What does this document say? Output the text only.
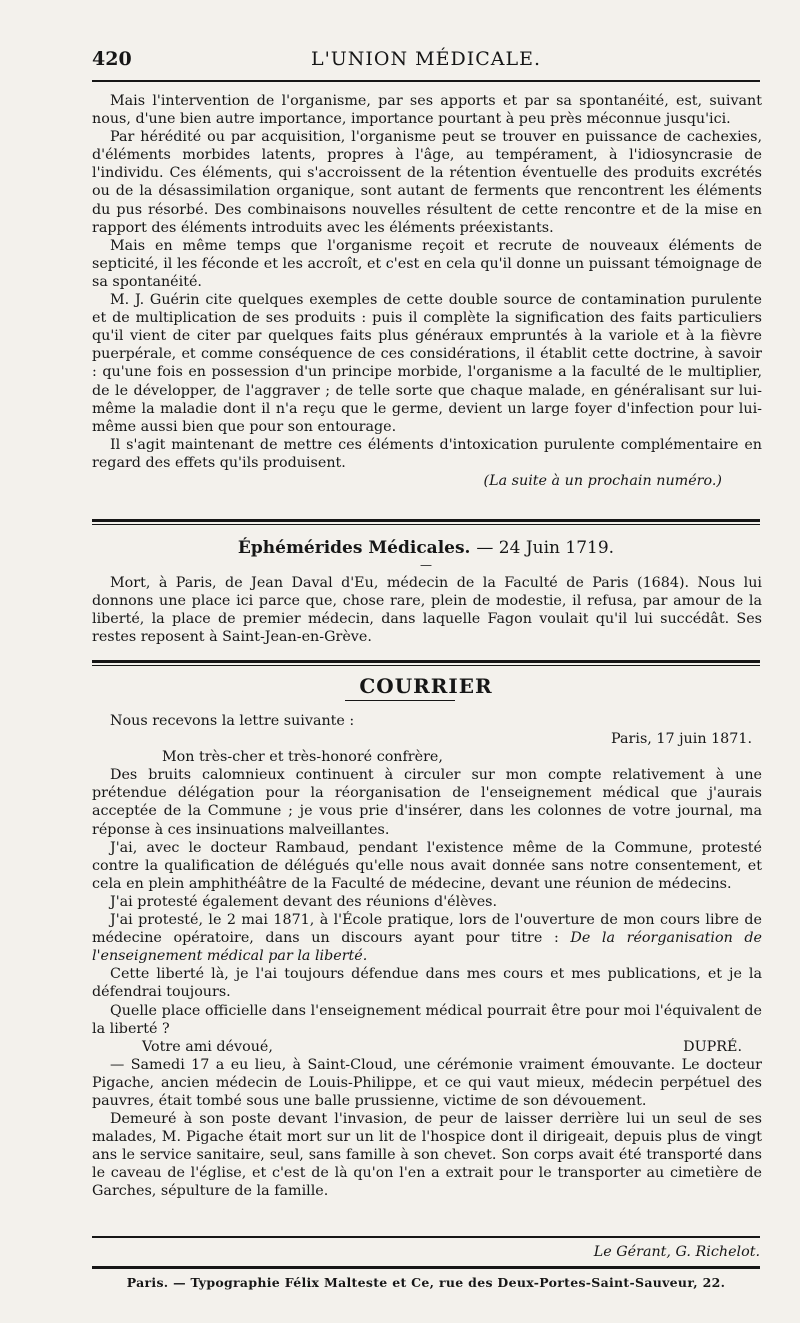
420	L'UNION MÉDICALE.

Mais l'intervention de l'organisme, par ses apports et par sa spontanéité, est, suivant nous, d'une bien autre importance, importance pourtant à peu près méconnue jusqu'ici.

Par hérédité ou par acquisition, l'organisme peut se trouver en puissance de cachexies, d'éléments morbides latents, propres à l'âge, au tempérament, à l'idiosyncrasie de l'individu. Ces éléments, qui s'accroissent de la rétention éventuelle des produits excrétés ou de la désassimilation organique, sont autant de ferments que rencontrent les éléments du pus résorbé. Des combinaisons nouvelles résultent de cette rencontre et de la mise en rapport des éléments introduits avec les éléments préexistants.

Mais en même temps que l'organisme reçoit et recrute de nouveaux éléments de septicité, il les féconde et les accroît, et c'est en cela qu'il donne un puissant témoignage de sa spontanéité.

M. J. Guérin cite quelques exemples de cette double source de contamination purulente et de multiplication de ses produits : puis il complète la signification des faits particuliers qu'il vient de citer par quelques faits plus généraux empruntés à la variole et à la fièvre puerpérale, et comme conséquence de ces considérations, il établit cette doctrine, à savoir : qu'une fois en possession d'un principe morbide, l'organisme a la faculté de le multiplier, de le développer, de l'aggraver ; de telle sorte que chaque malade, en généralisant sur lui-même la maladie dont il n'a reçu que le germe, devient un large foyer d'infection pour lui-même aussi bien que pour son entourage.

Il s'agit maintenant de mettre ces éléments d'intoxication purulente complémentaire en regard des effets qu'ils produisent.

(La suite à un prochain numéro.)
Éphémérides Médicales. — 24 Juin 1719.
—

Mort, à Paris, de Jean Daval d'Eu, médecin de la Faculté de Paris (1684). Nous lui donnons une place ici parce que, chose rare, plein de modestie, il refusa, par amour de la liberté, la place de premier médecin, dans laquelle Fagon voulait qu'il lui succédât. Ses restes reposent à Saint-Jean-en-Grève.

COURRIER

Nous recevons la lettre suivante :

Paris, 17 juin 1871.

Mon très-cher et très-honoré confrère,

Des bruits calomnieux continuent à circuler sur mon compte relativement à une prétendue délégation pour la réorganisation de l'enseignement médical que j'aurais acceptée de la Commune ; je vous prie d'insérer, dans les colonnes de votre journal, ma réponse à ces insinuations malveillantes.

J'ai, avec le docteur Rambaud, pendant l'existence même de la Commune, protesté contre la qualification de délégués qu'elle nous avait donnée sans notre consentement, et cela en plein amphithéâtre de la Faculté de médecine, devant une réunion de médecins.

J'ai protesté également devant des réunions d'élèves.

J'ai protesté, le 2 mai 1871, à l'École pratique, lors de l'ouverture de mon cours libre de médecine opératoire, dans un discours ayant pour titre : De la réorganisation de l'enseignement médical par la liberté.

Cette liberté là, je l'ai toujours défendue dans mes cours et mes publications, et je la défendrai toujours.

Quelle place officielle dans l'enseignement médical pourrait être pour moi l'équivalent de la liberté ?

Votre ami dévoué,	DUPRÉ.

— Samedi 17 a eu lieu, à Saint-Cloud, une cérémonie vraiment émouvante. Le docteur Pigache, ancien médecin de Louis-Philippe, et ce qui vaut mieux, médecin perpétuel des pauvres, était tombé sous une balle prussienne, victime de son dévouement.

Demeuré à son poste devant l'invasion, de peur de laisser derrière lui un seul de ses malades, M. Pigache était mort sur un lit de l'hospice dont il dirigeait, depuis plus de vingt ans le service sanitaire, seul, sans famille à son chevet. Son corps avait été transporté dans le caveau de l'église, et c'est de là qu'on l'en a extrait pour le transporter au cimetière de Garches, sépulture de la famille.

Le Gérant, G. Richelot.
Paris. — Typographie Félix Malteste et Ce, rue des Deux-Portes-Saint-Sauveur, 22.
